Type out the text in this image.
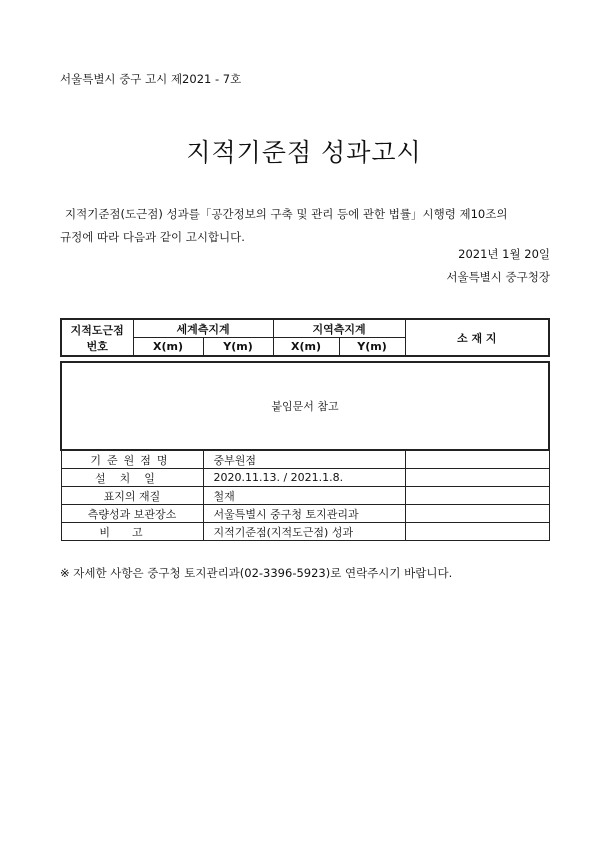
서울특별시 중구 고시 제2021 - 7호
지적기준점 성과고시
지적기준점(도근점) 성과를「공간정보의 구축 및 관리 등에 관한 법률」시행령 제10조의
규정에 따라 다음과 같이 고시합니다.
2021년 1월 20일
서울특별시 중구청장
지적도근점
번호	세계측지계		지역측지계		소 재 지
	X(m)	Y(m)	X(m)	Y(m)	

붙임문서 참고					
기준원점명		중부원점			
설치일		2020.11.13. / 2021.1.8.			
표지의 재질		철재			
측량성과 보관장소		서울특별시 중구청 토지관리과			
비고		지적기준점(지적도근점) 성과			
※ 자세한 사항은 중구청 토지관리과(02-3396-5923)로 연락주시기 바랍니다.
